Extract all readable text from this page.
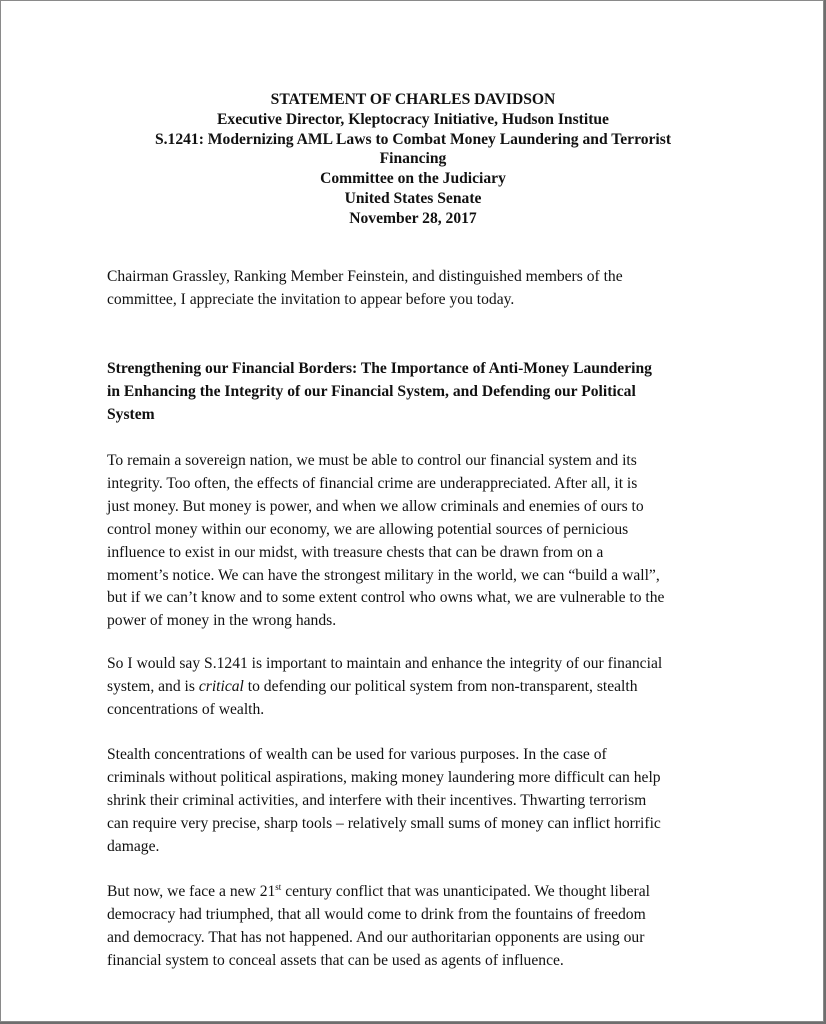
STATEMENT OF CHARLES DAVIDSON
Executive Director, Kleptocracy Initiative, Hudson Institue
S.1241: Modernizing AML Laws to Combat Money Laundering and Terrorist
Financing
Committee on the Judiciary
United States Senate
November 28, 2017
Chairman Grassley, Ranking Member Feinstein, and distinguished members of the
committee, I appreciate the invitation to appear before you today.
Strengthening our Financial Borders: The Importance of Anti-Money Laundering
in Enhancing the Integrity of our Financial System, and Defending our Political
System
To remain a sovereign nation, we must be able to control our financial system and its
integrity. Too often, the effects of financial crime are underappreciated. After all, it is
just money. But money is power, and when we allow criminals and enemies of ours to
control money within our economy, we are allowing potential sources of pernicious
influence to exist in our midst, with treasure chests that can be drawn from on a
moment’s notice. We can have the strongest military in the world, we can “build a wall”,
but if we can’t know and to some extent control who owns what, we are vulnerable to the
power of money in the wrong hands.
So I would say S.1241 is important to maintain and enhance the integrity of our financial
system, and is critical to defending our political system from non-transparent, stealth
concentrations of wealth.
Stealth concentrations of wealth can be used for various purposes. In the case of
criminals without political aspirations, making money laundering more difficult can help
shrink their criminal activities, and interfere with their incentives. Thwarting terrorism
can require very precise, sharp tools – relatively small sums of money can inflict horrific
damage.
But now, we face a new 21st century conflict that was unanticipated. We thought liberal
democracy had triumphed, that all would come to drink from the fountains of freedom
and democracy. That has not happened. And our authoritarian opponents are using our
financial system to conceal assets that can be used as agents of influence.
